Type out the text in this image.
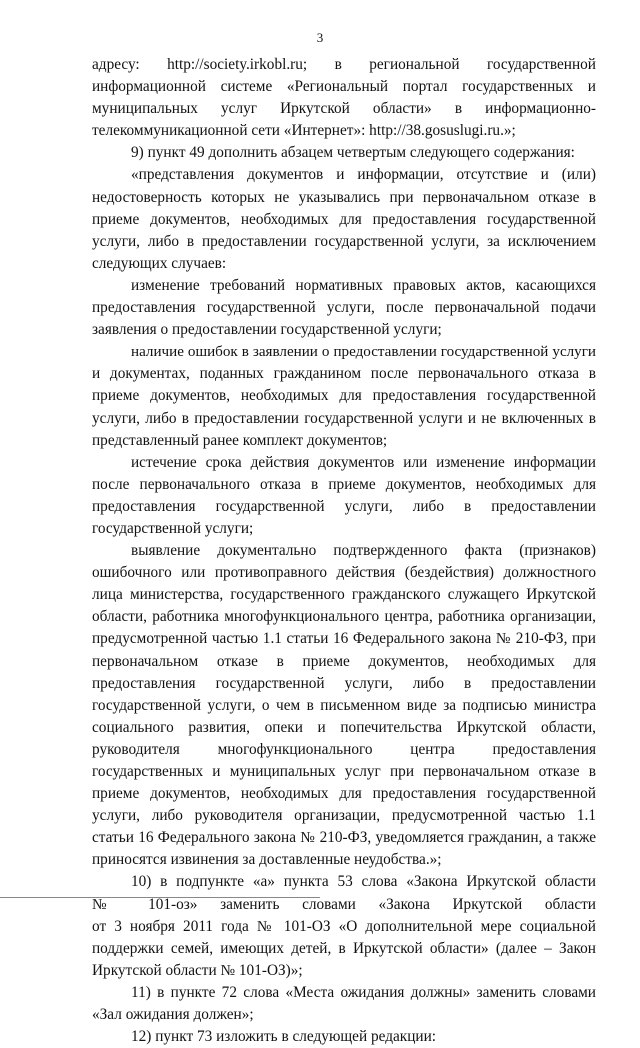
3
адресу: http://society.irkobl.ru; в региональной государственной
информационной системе «Региональный портал государственных и
муниципальных услуг Иркутской области» в информационно-
телекоммуникационной сети «Интернет»: http://38.gosuslugi.ru.»;
9) пункт 49 дополнить абзацем четвертым следующего содержания:
«представления документов и информации, отсутствие и (или)
недостоверность которых не указывались при первоначальном отказе в
приеме документов, необходимых для предоставления государственной
услуги, либо в предоставлении государственной услуги, за исключением
следующих случаев:
изменение требований нормативных правовых актов, касающихся
предоставления государственной услуги, после первоначальной подачи
заявления о предоставлении государственной услуги;
наличие ошибок в заявлении о предоставлении государственной услуги
и документах, поданных гражданином после первоначального отказа в
приеме документов, необходимых для предоставления государственной
услуги, либо в предоставлении государственной услуги и не включенных в
представленный ранее комплект документов;
истечение срока действия документов или изменение информации
после первоначального отказа в приеме документов, необходимых для
предоставления государственной услуги, либо в предоставлении
государственной услуги;
выявление документально подтвержденного факта (признаков)
ошибочного или противоправного действия (бездействия) должностного
лица министерства, государственного гражданского служащего Иркутской
области, работника многофункционального центра, работника организации,
предусмотренной частью 1.1 статьи 16 Федерального закона № 210-ФЗ, при
первоначальном отказе в приеме документов, необходимых для
предоставления государственной услуги, либо в предоставлении
государственной услуги, о чем в письменном виде за подписью министра
социального развития, опеки и попечительства Иркутской области,
руководителя многофункционального центра предоставления
государственных и муниципальных услуг при первоначальном отказе в
приеме документов, необходимых для предоставления государственной
услуги, либо руководителя организации, предусмотренной частью 1.1
статьи 16 Федерального закона № 210-ФЗ, уведомляется гражданин, а также
приносятся извинения за доставленные неудобства.»;
10) в подпункте «а» пункта 53 слова «Закона Иркутской области
№ 101-оз» заменить словами «Закона Иркутской области
от 3 ноября 2011 года № 101-ОЗ «О дополнительной мере социальной
поддержки семей, имеющих детей, в Иркутской области» (далее – Закон
Иркутской области № 101-ОЗ)»;
11) в пункте 72 слова «Места ожидания должны» заменить словами
«Зал ожидания должен»;
12) пункт 73 изложить в следующей редакции:
